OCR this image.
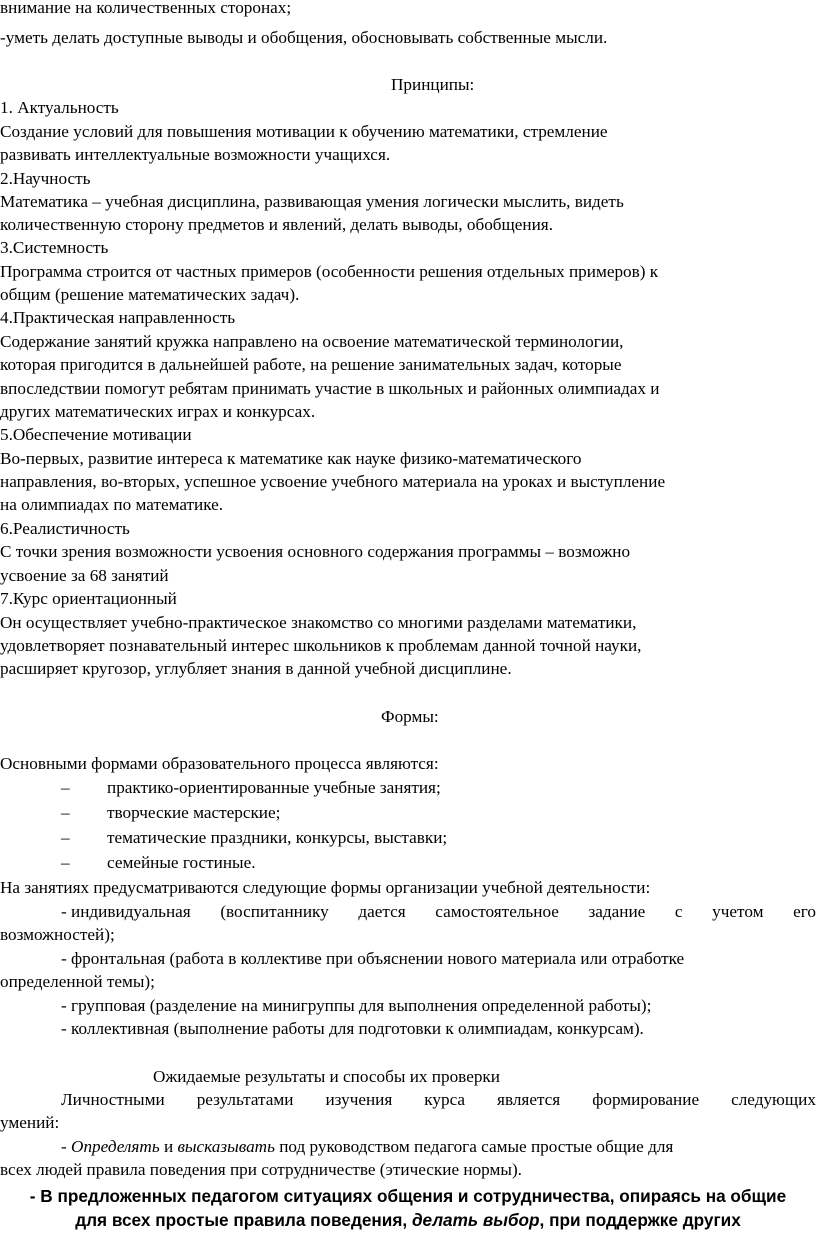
внимание на количественных сторонах;
-уметь делать доступные выводы и обобщения, обосновывать собственные мысли.
Принципы:
1. Актуальность
Создание условий для повышения мотивации к обучению математики, стремление
развивать интеллектуальные возможности учащихся.
2.Научность
Математика – учебная дисциплина, развивающая умения логически мыслить, видеть
количественную сторону предметов и явлений, делать выводы, обобщения.
3.Системность
Программа строится от частных примеров (особенности решения отдельных примеров) к
общим (решение математических задач).
4.Практическая направленность
Содержание занятий кружка направлено на освоение математической терминологии,
которая пригодится в дальнейшей работе, на решение занимательных задач, которые
впоследствии помогут ребятам принимать участие в школьных и районных олимпиадах и
других математических играх и конкурсах.
5.Обеспечение мотивации
Во-первых, развитие интереса к математике как науке физико-математического
направления, во-вторых, успешное усвоение учебного материала на уроках и выступление
на олимпиадах по математике.
6.Реалистичность
С точки зрения возможности усвоения основного содержания программы – возможно
усвоение за 68 занятий
7.Курс ориентационный
Он осуществляет учебно-практическое знакомство со многими разделами математики,
удовлетворяет познавательный интерес школьников к проблемам данной точной науки,
расширяет кругозор, углубляет знания в данной учебной дисциплине.
Формы:
Основными формами образовательного процесса являются:
– практико-ориентированные учебные занятия;
– творческие мастерские;
– тематические праздники, конкурсы, выставки;
– семейные гостиные.
На занятиях предусматриваются следующие формы организации учебной деятельности:
- индивидуальная (воспитаннику дается самостоятельное задание с учетом его
возможностей);
- фронтальная (работа в коллективе при объяснении нового материала или отработке
определенной темы);
- групповая (разделение на минигруппы для выполнения определенной работы);
- коллективная (выполнение работы для подготовки к олимпиадам, конкурсам).
Ожидаемые результаты и способы их проверки
Личностными результатами изучения курса является формирование следующих
умений:
- Определять и высказывать под руководством педагога самые простые общие для
всех людей правила поведения при сотрудничестве (этические нормы).
- В предложенных педагогом ситуациях общения и сотрудничества, опираясь на общие
для всех простые правила поведения, делать выбор, при поддержке других
